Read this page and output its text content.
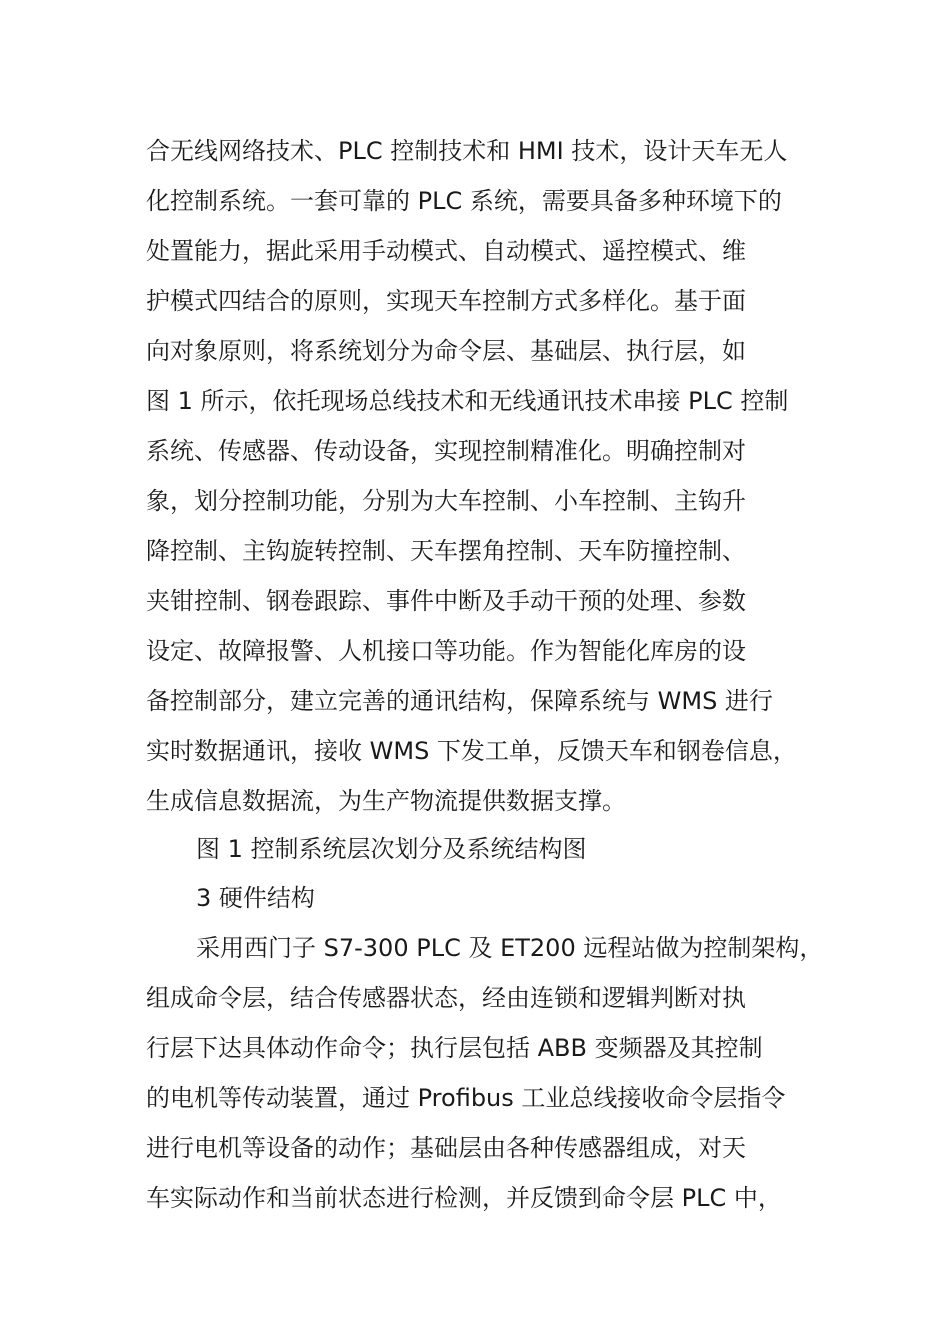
合无线网络技术、PLC 控制技术和 HMI 技术，设计天车无人
化控制系统。一套可靠的 PLC 系统，需要具备多种环境下的
处置能力，据此采用手动模式、自动模式、遥控模式、维
护模式四结合的原则，实现天车控制方式多样化。基于面
向对象原则，将系统划分为命令层、基础层、执行层，如
图 1 所示，依托现场总线技术和无线通讯技术串接 PLC 控制
系统、传感器、传动设备，实现控制精准化。明确控制对
象，划分控制功能，分别为大车控制、小车控制、主钩升
降控制、主钩旋转控制、天车摆角控制、天车防撞控制、
夹钳控制、钢卷跟踪、事件中断及手动干预的处理、参数
设定、故障报警、人机接口等功能。作为智能化库房的设
备控制部分，建立完善的通讯结构，保障系统与 WMS 进行
实时数据通讯，接收 WMS 下发工单，反馈天车和钢卷信息，
生成信息数据流，为生产物流提供数据支撑。
图 1 控制系统层次划分及系统结构图
3 硬件结构
采用西门子 S7-300 PLC 及 ET200 远程站做为控制架构，
组成命令层，结合传感器状态，经由连锁和逻辑判断对执
行层下达具体动作命令；执行层包括 ABB 变频器及其控制
的电机等传动装置，通过 Profibus 工业总线接收命令层指令
进行电机等设备的动作；基础层由各种传感器组成，对天
车实际动作和当前状态进行检测，并反馈到命令层 PLC 中，
